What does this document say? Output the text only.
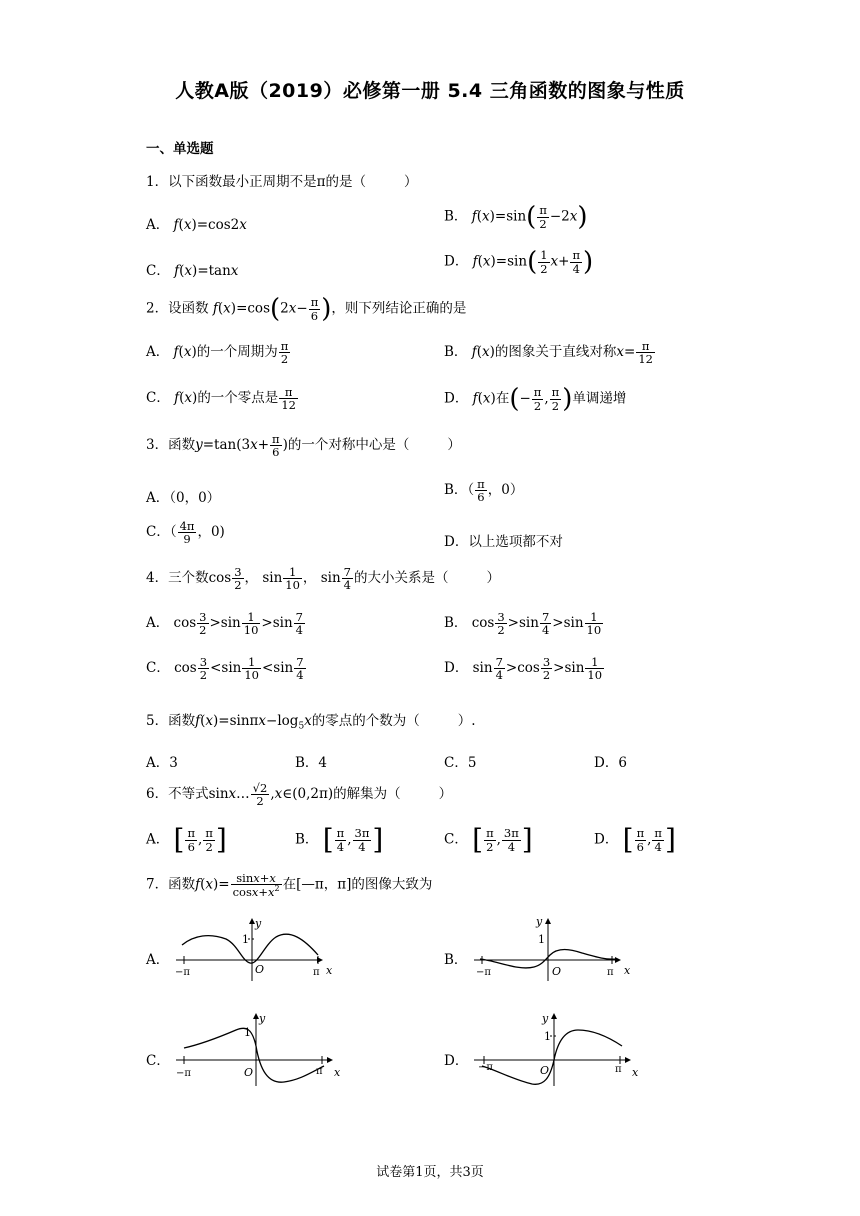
人教A版（2019）必修第一册 5.4 三角函数的图象与性质
一、单选题
1．以下函数最小正周期不是π的是（	）
A． f(x)=cos2x
B． $f(x)=\sin( \frac{\pi}{2} -2x)$
C． f(x)=tanx
D． $f(x)=\sin( \frac{1}{2} x+ \frac{\pi}{4}$ )
2．设函数 $f(x)=\cos(2x- \frac{\pi}{6}$ )，则下列结论正确的是
A． f(x)的一个周期为 $\frac{\pi}{2}$	B． f(x)的图象关于直线对称$x= \frac{\pi}{12}$
C． f(x)的一个零点是 $\frac{\pi}{12}$	D． f(x)在(− $\frac{\pi}{2}$ , $\frac{\pi}{2}$ )单调递增
3．函数$y=\tan(3x+ \frac{\pi}{6}$ )的一个对称中心是（	）
A．（0，0）	B．（ $\frac{\pi}{6}$ ，0）
C．（ $\frac{4\pi}{9}$ ，0)
D．以上选项都不对
4．三个数$\cos \frac{3}{2}$ ， $\sin \frac{1}{10}$ ， $\sin \frac{7}{4}$ 的大小关系是（	）
A． $\cos \frac{3}{2} >\sin \frac{1}{10} >\sin \frac{7}{4}$	B． $\cos \frac{3}{2} >\sin \frac{7}{4} >\sin \frac{1}{10}$
C． $\cos \frac{3}{2} <\sin \frac{1}{10} <\sin \frac{7}{4}$	D． $\sin \frac{7}{4} >\cos \frac{3}{2} >\sin \frac{1}{10}$
5．函数$f(x)=\sin\pi x-\log_5x$的零点的个数为（	）.
A．3	B．4	C．5	D．6
6．不等式sinx… $\frac{√2}{2}$ ,x∈(0,2π)的解集为（	）
A． [ $\frac{\pi}{6}$ , $\frac{\pi}{2}$ ]	B． [ $\frac{\pi}{4}$ , $\frac{3\pi}{4}$ ]	C． [ $\frac{\pi}{2}$ , $\frac{3\pi}{4}$ ]	D． [ $\frac{\pi}{6}$ , $\frac{\pi}{4}$ ]
7．函数$f(x)= \frac{\sin x+x}{\cos x+x^2}$ 在[—π，π]的图像大致为
A．	B．
C．	D．
y
1
O
−π	π x
y
1
O
−π	π x
y
1
O
−π	π x
y
1
O
−π	π x
试卷第1页，共3页
